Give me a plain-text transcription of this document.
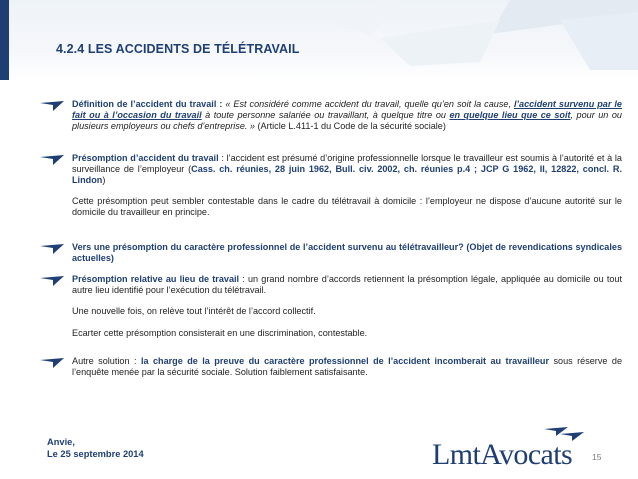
4.2.4 LES ACCIDENTS DE TÉLÉTRAVAIL

Définition de l’accident du travail : « Est considéré comme accident du travail, quelle qu’en soit la cause, l’accident survenu par le fait ou à l’occasion du travail à toute personne salariée ou travaillant, à quelque titre ou en quelque lieu que ce soit, pour un ou plusieurs employeurs ou chefs d’entreprise. » (Article L.411-1 du Code de la sécurité sociale)

Présomption d’accident du travail : l’accident est présumé d’origine professionnelle lorsque le travailleur est soumis à l’autorité et à la surveillance de l’employeur (Cass. ch. réunies, 28 juin 1962, Bull. civ. 2002, ch. réunies p.4 ; JCP G 1962, II, 12822, concl. R. Lindon)

Cette présomption peut sembler contestable dans le cadre du télétravail à domicile : l’employeur ne dispose d’aucune autorité sur le domicile du travailleur en principe.

Vers une présomption du caractère professionnel de l’accident survenu au télétravailleur? (Objet de revendications syndicales actuelles)

Présomption relative au lieu de travail : un grand nombre d’accords retiennent la présomption légale, appliquée au domicile ou tout autre lieu identifié pour l’exécution du télétravail.

Une nouvelle fois, on relève tout l’intérêt de l’accord collectif.

Ecarter cette présomption consisterait en une discrimination, contestable.

Autre solution : la charge de la preuve du caractère professionnel de l’accident incomberait au travailleur sous réserve de l’enquête menée par la sécurité sociale. Solution faiblement satisfaisante.

Anvie,
Le 25 septembre 2014	LmtAvocats 15
